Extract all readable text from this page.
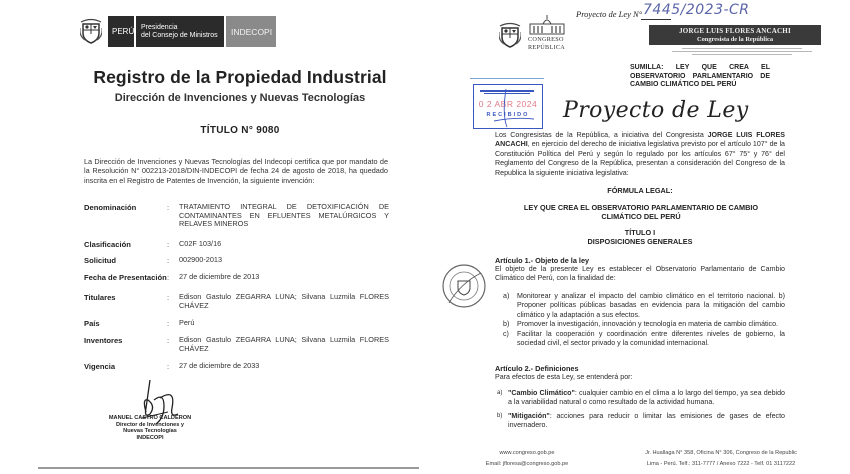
PERÚ Presidencia
del Consejo de Ministros	INDECOPI
Registro de la Propiedad Industrial
Dirección de Invenciones y Nuevas Tecnologías
TÍTULO N° 9080
La Dirección de Invenciones y Nuevas Tecnologías del Indecopi certifica que por mandato de la Resolución N° 002213-2018/DIN-INDECOPI de fecha 24 de agosto de 2018, ha quedado inscrita en el Registro de Patentes de Invención, la siguiente invención:
Denominación	: TRATAMIENTO INTEGRAL DE DETOXIFICACIÓN DE CONTAMINANTES EN EFLUENTES METALÚRGICOS Y RELAVES MINEROS
Clasificación	: C02F 103/16
Solicitud	: 002900-2013
Fecha de Presentación : 27 de diciembre de 2013
Titulares	: Edison Gastulo ZEGARRA LUNA; Silvana Luzmila FLORES CHÁVEZ
País	: Perú
Inventores	: Edison Gastulo ZEGARRA LUNA; Silvana Luzmila FLORES CHÁVEZ
Vigencia	: 27 de diciembre de 2033
MANUEL CASTRO CALDERON
Director de Invenciones y
Nuevas Tecnologías
INDECOPI
CONGRESO
REPÚBLICA
Proyecto de Ley N° 7445/2023-CR
JORGE LUIS FLORES ANCACHI
Congresista de la República
SUMILLA: LEY QUE CREA EL
OBSERVATORIO PARLAMENTARIO DE
CAMBIO CLIMÁTICO DEL PERÚ
0 2 ABR 2024
RECIBIDO	Proyecto de Ley
Los Congresistas de la República, a iniciativa del Congresista JORGE LUIS FLORES ANCACHI, en ejercicio del derecho de iniciativa legislativa previsto por el artículo 107° de la Constitución Política del Perú y según lo regulado por los artículos 67° 75° y 76° del Reglamento del Congreso de la República, presentan a consideración del Congreso de la Republica la siguiente iniciativa legislativa:
FÓRMULA LEGAL:
LEY QUE CREA EL OBSERVATORIO PARLAMENTARIO DE CAMBIO CLIMÁTICO DEL PERÚ
TÍTULO I
DISPOSICIONES GENERALES
Artículo 1.- Objeto de la ley
El objeto de la presente Ley es establecer el Observatorio Parlamentario de Cambio Climático del Perú, con la finalidad de:
a) Monitorear y analizar el impacto del cambio climático en el territorio nacional. b) Proponer políticas públicas basadas en evidencia para la mitigación del cambio climático y la adaptación a sus efectos.
b) Promover la investigación, innovación y tecnología en materia de cambio climático.
c) Facilitar la cooperación y coordinación entre diferentes niveles de gobierno, la sociedad civil, el sector privado y la comunidad internacional.
Artículo 2.- Definiciones
Para efectos de esta Ley, se entenderá por:
a) "Cambio Climático": cualquier cambio en el clima a lo largo del tiempo, ya sea debido a la variabilidad natural o como resultado de la actividad humana.
b) "Mitigación": acciones para reducir o limitar las emisiones de gases de efecto invernadero.
www.congreso.gob.pe
Email: jfloresa@congreso.gob.pe
Jr. Huallaga N° 358, Oficina N° 306, Congreso de la Republic
Lima - Perú. Telf.: 311-7777 / Anexo 7222 - Telf. 01 3117222
